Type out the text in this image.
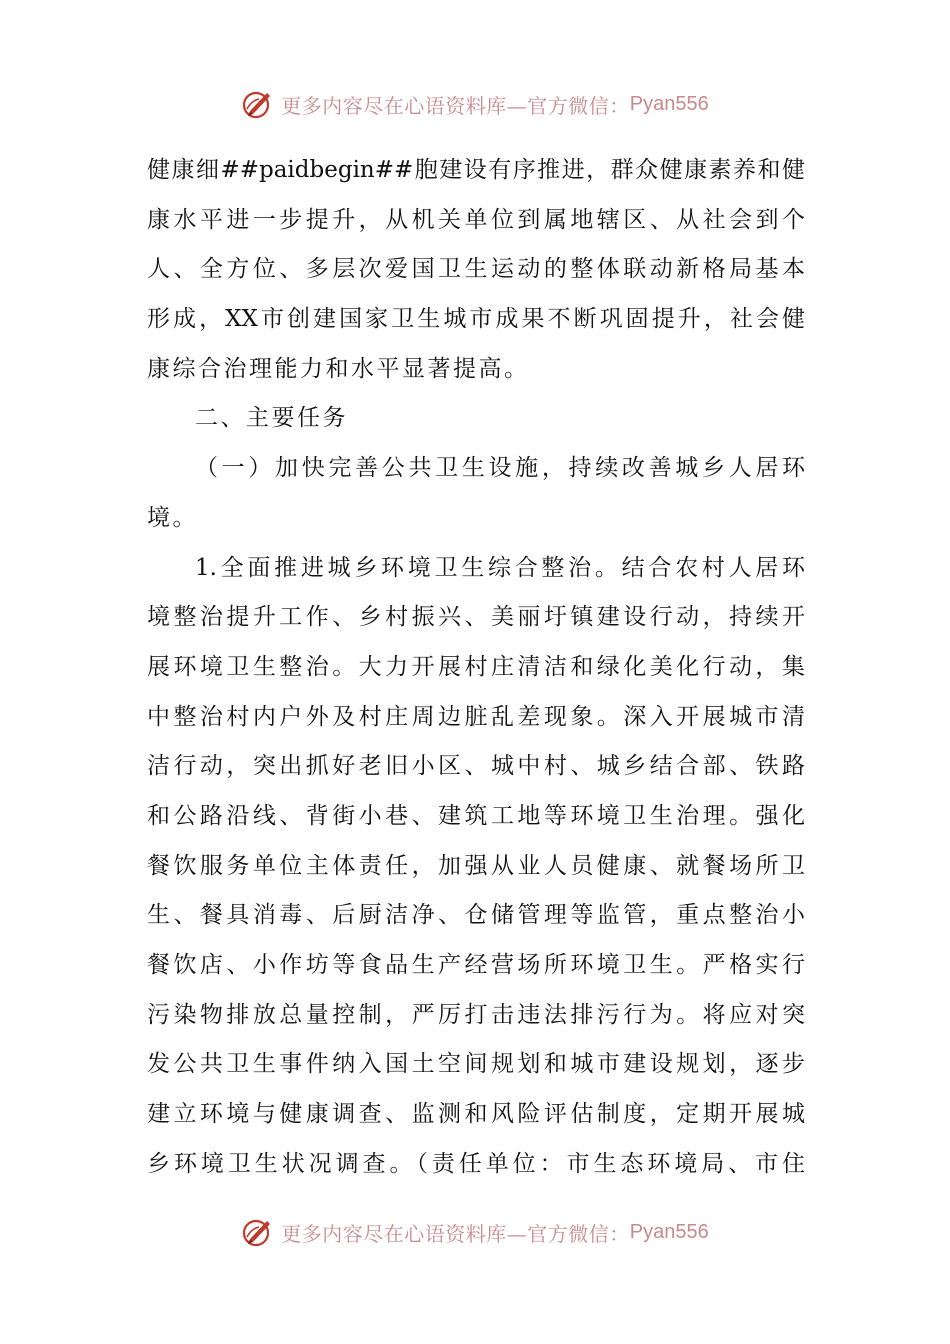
更多内容尽在心语资料库—官方微信： Pyan556
健康细##paidbegin##胞建设有序推进，群众健康素养和健
康水平进一步提升，从机关单位到属地辖区、从社会到个
人、全方位、多层次爱国卫生运动的整体联动新格局基本
形成，XX市创建国家卫生城市成果不断巩固提升，社会健
康综合治理能力和水平显著提高。
二、主要任务
（一）加快完善公共卫生设施，持续改善城乡人居环
境。
1.全面推进城乡环境卫生综合整治。结合农村人居环
境整治提升工作、乡村振兴、美丽圩镇建设行动，持续开
展环境卫生整治。大力开展村庄清洁和绿化美化行动，集
中整治村内户外及村庄周边脏乱差现象。深入开展城市清
洁行动，突出抓好老旧小区、城中村、城乡结合部、铁路
和公路沿线、背街小巷、建筑工地等环境卫生治理。强化
餐饮服务单位主体责任，加强从业人员健康、就餐场所卫
生、餐具消毒、后厨洁净、仓储管理等监管，重点整治小
餐饮店、小作坊等食品生产经营场所环境卫生。严格实行
污染物排放总量控制，严厉打击违法排污行为。将应对突
发公共卫生事件纳入国土空间规划和城市建设规划，逐步
建立环境与健康调查、监测和风险评估制度，定期开展城
乡环境卫生状况调查。（责任单位：市生态环境局、市住
更多内容尽在心语资料库—官方微信： Pyan556
